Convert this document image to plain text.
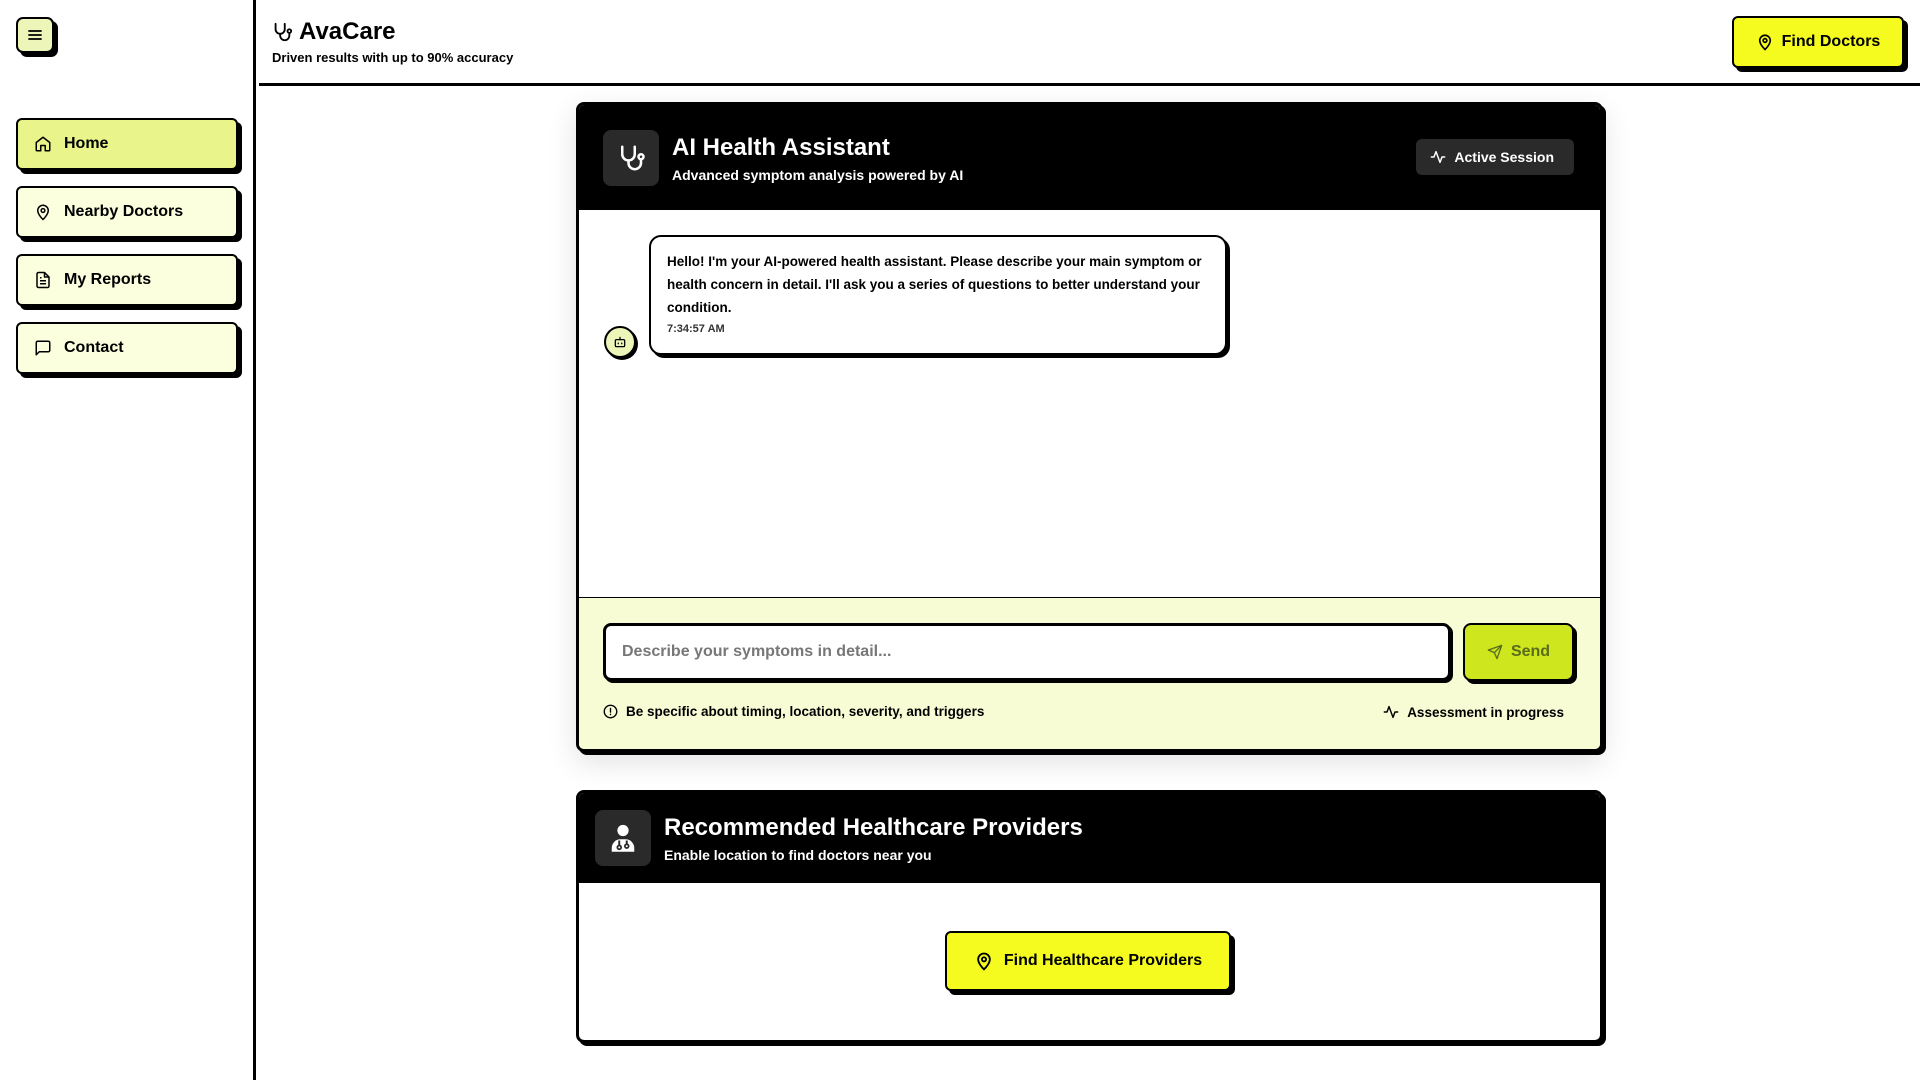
Home
Nearby Doctors
My Reports
Contact
AvaCare
Driven results with up to 90% accuracy
Find Doctors
AI Health Assistant
Advanced symptom analysis powered by AI
Active Session
Hello! I'm your AI-powered health assistant. Please describe your main symptom or health concern in detail. I'll ask you a series of questions to better understand your condition.
7:34:57 AM
Describe your symptoms in detail...
Send
Be specific about timing, location, severity, and triggers	Assessment in progress
Recommended Healthcare Providers
Enable location to find doctors near you
Find Healthcare Providers
